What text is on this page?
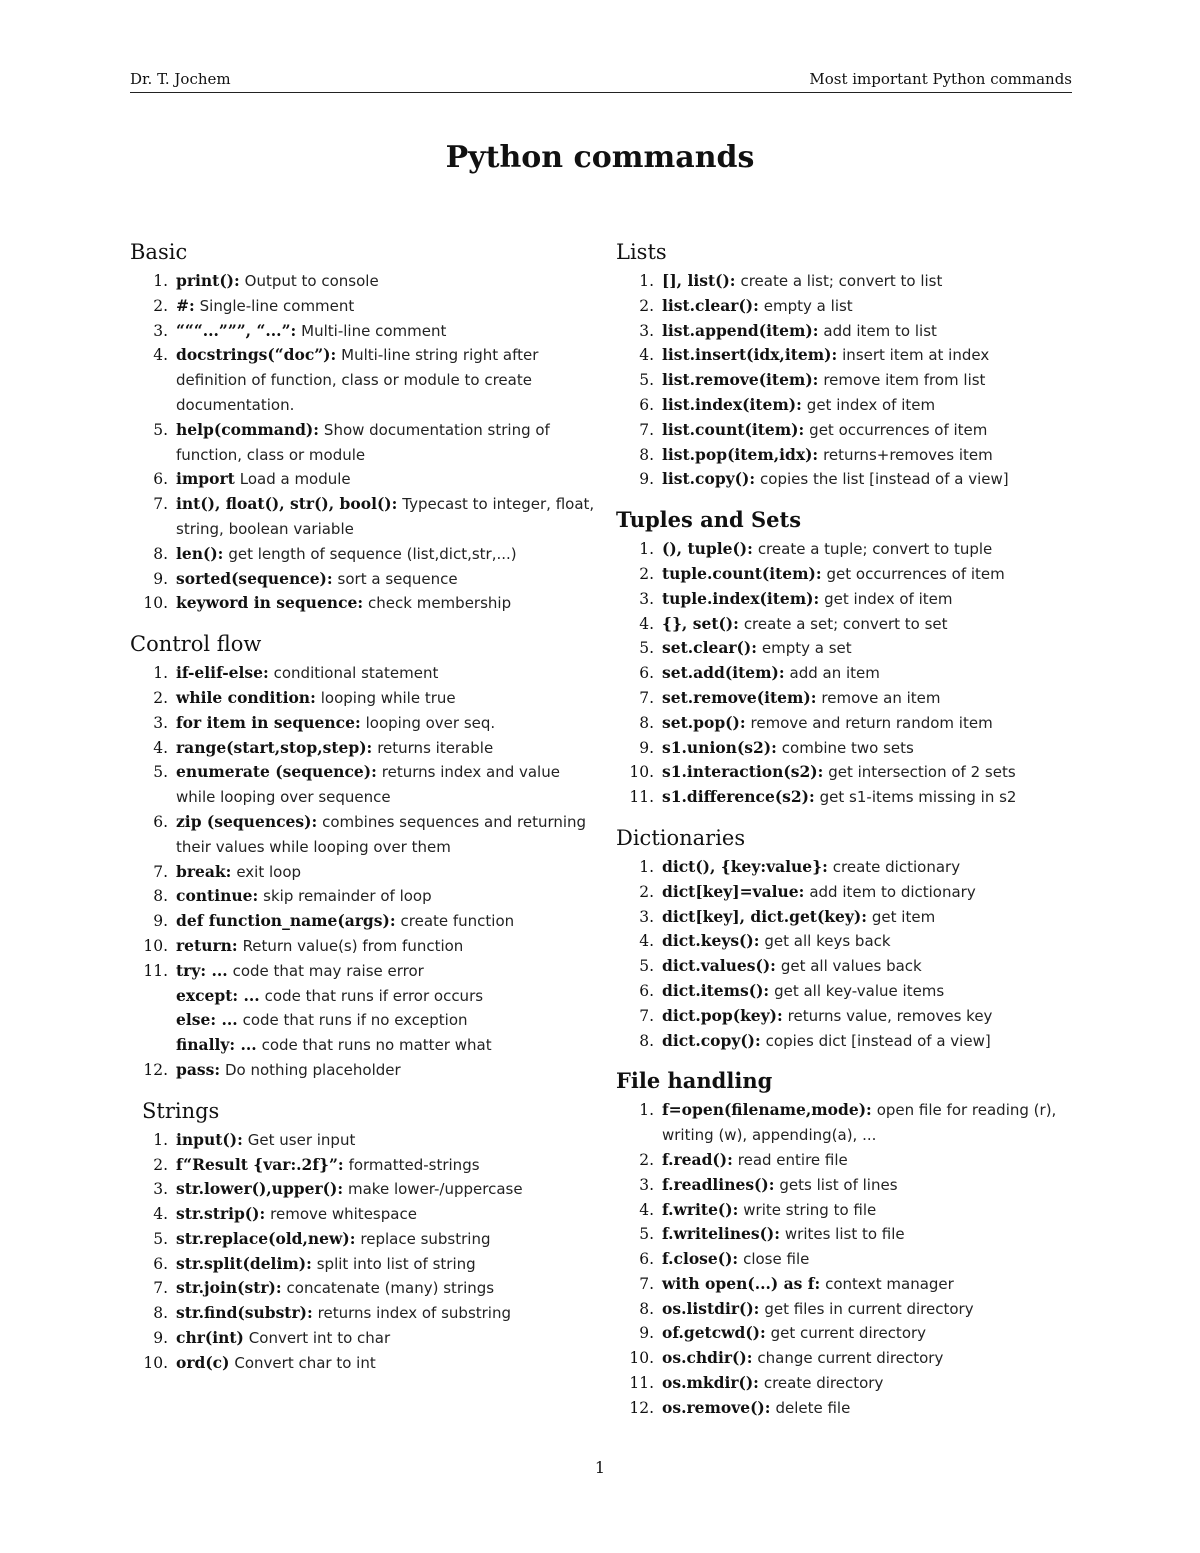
Dr. T. Jochem	Most important Python commands
Python commands
Basic
1. print(): Output to console
2. #: Single-line comment
3. “““...”””, “...”: Multi-line comment
4. docstrings(“doc”): Multi-line string right after definition of function, class or module to create documentation.
5. help(command): Show documentation string of function, class or module
6. import Load a module
7. int(), float(), str(), bool(): Typecast to integer, float, string, boolean variable
8. len(): get length of sequence (list,dict,str,...)
9. sorted(sequence): sort a sequence
10. keyword in sequence: check membership
Control flow
1. if-elif-else: conditional statement
2. while condition: looping while true
3. for item in sequence: looping over seq.
4. range(start,stop,step): returns iterable
5. enumerate (sequence): returns index and value while looping over sequence
6. zip (sequences): combines sequences and returning their values while looping over them
7. break: exit loop
8. continue: skip remainder of loop
9. def function_name(args): create function
10. return: Return value(s) from function
11. try: ... code that may raise error
except: ... code that runs if error occurs
else: ... code that runs if no exception
finally: ... code that runs no matter what
12. pass: Do nothing placeholder
Strings
1. input(): Get user input
2. f“Result {var:.2f}”: formatted-strings
3. str.lower(),upper(): make lower-/uppercase
4. str.strip(): remove whitespace
5. str.replace(old,new): replace substring
6. str.split(delim): split into list of string
7. str.join(str): concatenate (many) strings
8. str.find(substr): returns index of substring
9. chr(int) Convert int to char
10. ord(c) Convert char to int
Lists
1. [], list(): create a list; convert to list
2. list.clear(): empty a list
3. list.append(item): add item to list
4. list.insert(idx,item): insert item at index
5. list.remove(item): remove item from list
6. list.index(item): get index of item
7. list.count(item): get occurrences of item
8. list.pop(item,idx): returns+removes item
9. list.copy(): copies the list [instead of a view]
Tuples and Sets
1. (), tuple(): create a tuple; convert to tuple
2. tuple.count(item): get occurrences of item
3. tuple.index(item): get index of item
4. {}, set(): create a set; convert to set
5. set.clear(): empty a set
6. set.add(item): add an item
7. set.remove(item): remove an item
8. set.pop(): remove and return random item
9. s1.union(s2): combine two sets
10. s1.interaction(s2): get intersection of 2 sets
11. s1.difference(s2): get s1-items missing in s2
Dictionaries
1. dict(), {key:value}: create dictionary
2. dict[key]=value: add item to dictionary
3. dict[key], dict.get(key): get item
4. dict.keys(): get all keys back
5. dict.values(): get all values back
6. dict.items(): get all key-value items
7. dict.pop(key): returns value, removes key
8. dict.copy(): copies dict [instead of a view]
File handling
1. f=open(filename,mode): open file for reading (r), writing (w), appending(a), ...
2. f.read(): read entire file
3. f.readlines(): gets list of lines
4. f.write(): write string to file
5. f.writelines(): writes list to file
6. f.close(): close file
7. with open(...) as f: context manager
8. os.listdir(): get files in current directory
9. of.getcwd(): get current directory
10. os.chdir(): change current directory
11. os.mkdir(): create directory
12. os.remove(): delete file
1
